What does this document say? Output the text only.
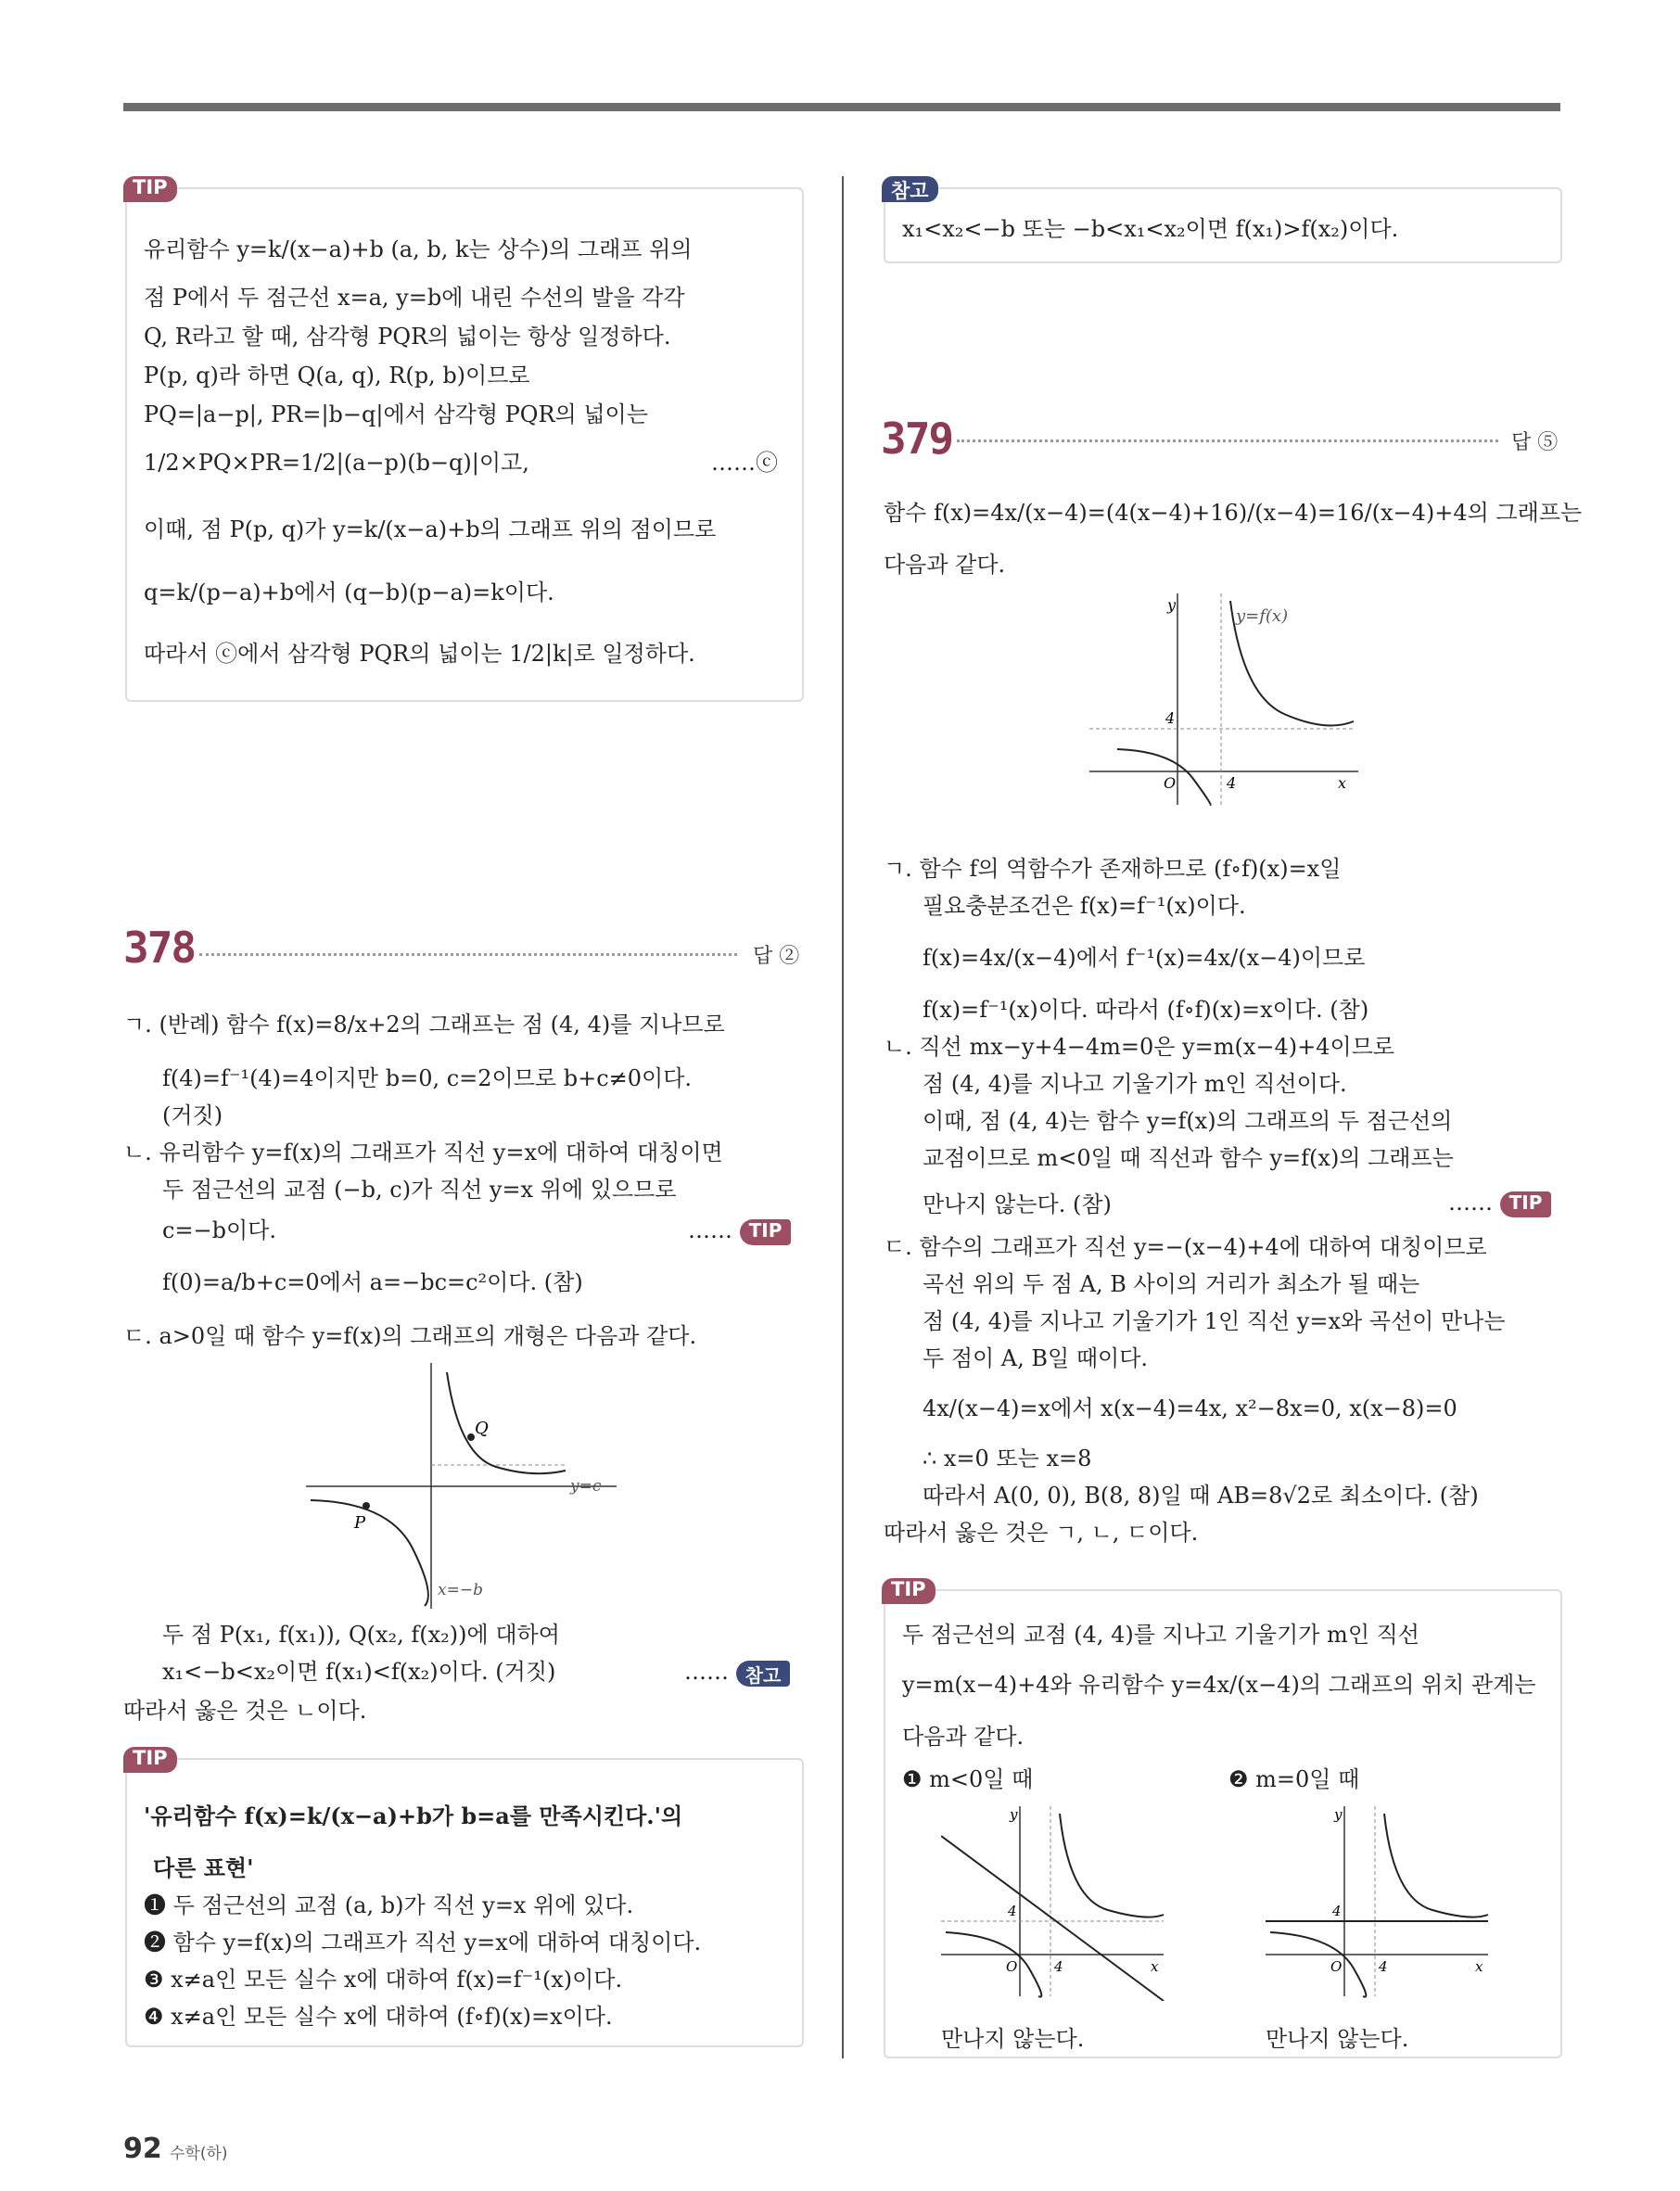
TIP
유리함수 y=k/(x−a)+b (a, b, k는 상수)의 그래프 위의
점 P에서 두 점근선 x=a, y=b에 내린 수선의 발을 각각
Q, R라고 할 때, 삼각형 PQR의 넓이는 항상 일정하다.
P(p, q)라 하면 Q(a, q), R(p, b)이므로
PQ=|a−p|, PR=|b−q|에서 삼각형 PQR의 넓이는
1/2×PQ×PR=1/2|(a−p)(b−q)|이고,	……ⓒ
이때, 점 P(p, q)가 y=k/(x−a)+b의 그래프 위의 점이므로
q=k/(p−a)+b에서 (q−b)(p−a)=k이다.
따라서 ⓒ에서 삼각형 PQR의 넓이는 1/2|k|로 일정하다.
참고
x₁<x₂<−b 또는 −b<x₁<x₂이면 f(x₁)>f(x₂)이다.
378	답 ②
ㄱ. (반례) 함수 f(x)=8/x+2의 그래프는 점 (4, 4)를 지나므로
f(4)=f⁻¹(4)=4이지만 b=0, c=2이므로 b+c≠0이다.
(거짓)
ㄴ. 유리함수 y=f(x)의 그래프가 직선 y=x에 대하여 대칭이면
두 점근선의 교점 (−b, c)가 직선 y=x 위에 있으므로
c=−b이다.	…… TIP
f(0)=a/b+c=0에서 a=−bc=c²이다. (참)
ㄷ. a>0일 때 함수 y=f(x)의 그래프의 개형은 다음과 같다.
Q
P
y=c
x=−b
두 점 P(x₁, f(x₁)), Q(x₂, f(x₂))에 대하여
x₁<−b<x₂이면 f(x₁)<f(x₂)이다. (거짓)	…… 참고
따라서 옳은 것은 ㄴ이다.
TIP
'유리함수 f(x)=k/(x−a)+b가 b=a를 만족시킨다.'의
다른 표현'
❶ 두 점근선의 교점 (a, b)가 직선 y=x 위에 있다.
❷ 함수 y=f(x)의 그래프가 직선 y=x에 대하여 대칭이다.
❸ x≠a인 모든 실수 x에 대하여 f(x)=f⁻¹(x)이다.
❹ x≠a인 모든 실수 x에 대하여 (f∘f)(x)=x이다.
379	답 ⑤
함수 f(x)=4x/(x−4)=(4(x−4)+16)/(x−4)=16/(x−4)+4의 그래프는
다음과 같다.
y
y=f(x)
4
O	4	x
ㄱ. 함수 f의 역함수가 존재하므로 (f∘f)(x)=x일
필요충분조건은 f(x)=f⁻¹(x)이다.
f(x)=4x/(x−4)에서 f⁻¹(x)=4x/(x−4)이므로
f(x)=f⁻¹(x)이다. 따라서 (f∘f)(x)=x이다. (참)
ㄴ. 직선 mx−y+4−4m=0은 y=m(x−4)+4이므로
점 (4, 4)를 지나고 기울기가 m인 직선이다.
이때, 점 (4, 4)는 함수 y=f(x)의 그래프의 두 점근선의
교점이므로 m<0일 때 직선과 함수 y=f(x)의 그래프는
만나지 않는다. (참)	…… TIP
ㄷ. 함수의 그래프가 직선 y=−(x−4)+4에 대하여 대칭이므로
곡선 위의 두 점 A, B 사이의 거리가 최소가 될 때는
점 (4, 4)를 지나고 기울기가 1인 직선 y=x와 곡선이 만나는
두 점이 A, B일 때이다.
4x/(x−4)=x에서 x(x−4)=4x, x²−8x=0, x(x−8)=0
∴ x=0 또는 x=8
따라서 A(0, 0), B(8, 8)일 때 AB=8√2로 최소이다. (참)
따라서 옳은 것은 ㄱ, ㄴ, ㄷ이다.
TIP
두 점근선의 교점 (4, 4)를 지나고 기울기가 m인 직선
y=m(x−4)+4와 유리함수 y=4x/(x−4)의 그래프의 위치 관계는
다음과 같다.
❶ m<0일 때	❷ m=0일 때
y
4
O	4	x
만나지 않는다.
y
4
O	4	x
만나지 않는다.
92 수학(하)
